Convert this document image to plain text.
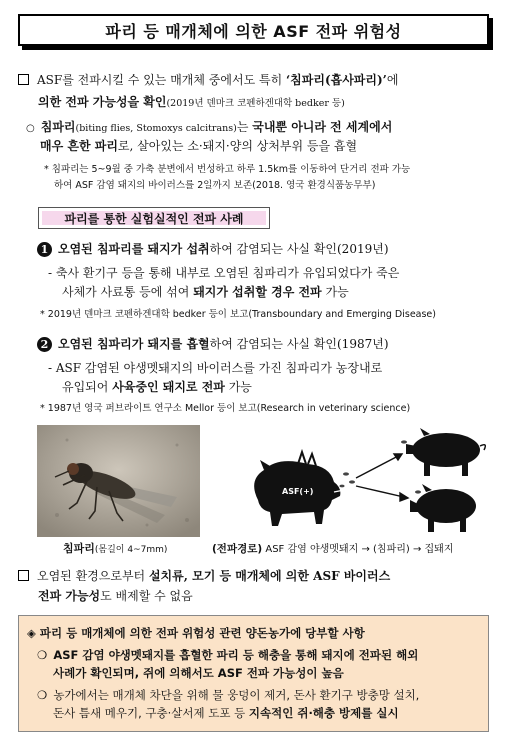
파리 등 매개체에 의한 ASF 전파 위험성
ASF를 전파시킬 수 있는 매개체 중에서도 특히 ‘침파리(흡사파리)’에
의한 전파 가능성을 확인(2019년 덴마크 코펜하겐대학 bedker 등)
○ 침파리(biting flies, Stomoxys calcitrans)는 국내뿐 아니라 전 세계에서
매우 흔한 파리로, 살아있는 소·돼지·양의 상처부위 등을 흡혈
* 침파리는 5~9월 중 가축 분변에서 번성하고 하루 1.5km를 이동하여 단거리 전파 가능
하여 ASF 감염 돼지의 바이러스를 2일까지 보존(2018. 영국 환경식품농무부)
파리를 통한 실험실적인 전파 사례
1 오염된 침파리를 돼지가 섭취하여 감염되는 사실 확인(2019년)
- 축사 환기구 등을 통해 내부로 오염된 침파리가 유입되었다가 죽은
사체가 사료통 등에 섞여 돼지가 섭취할 경우 전파 가능
* 2019년 덴마크 코펜하겐대학 bedker 등이 보고(Transboundary and Emerging Disease)
2 오염된 침파리가 돼지를 흡혈하여 감염되는 사실 확인(1987년)
- ASF 감염된 야생멧돼지의 바이러스를 가진 침파리가 농장내로
유입되어 사육중인 돼지로 전파 가능
* 1987년 영국 퍼브라이트 연구소 Mellor 등이 보고(Research in veterinary science)
침파리(몸길이 4~7mm)
ASF(+)
(전파경로) ASF 감염 야생멧돼지 → (침파리) → 집돼지
오염된 환경으로부터 설치류, 모기 등 매개체에 의한 ASF 바이러스
전파 가능성도 배제할 수 없음
◈ 파리 등 매개체에 의한 전파 위험성 관련 양돈농가에 당부할 사항
❍ ASF 감염 야생멧돼지를 흡혈한 파리 등 해충을 통해 돼지에 전파된 해외
사례가 확인되며, 쥐에 의해서도 ASF 전파 가능성이 높음
❍ 농가에서는 매개체 차단을 위해 물 웅덩이 제거, 돈사 환기구 방충망 설치,
돈사 틈새 메우기, 구충·살서제 도포 등 지속적인 쥐·해충 방제를 실시
